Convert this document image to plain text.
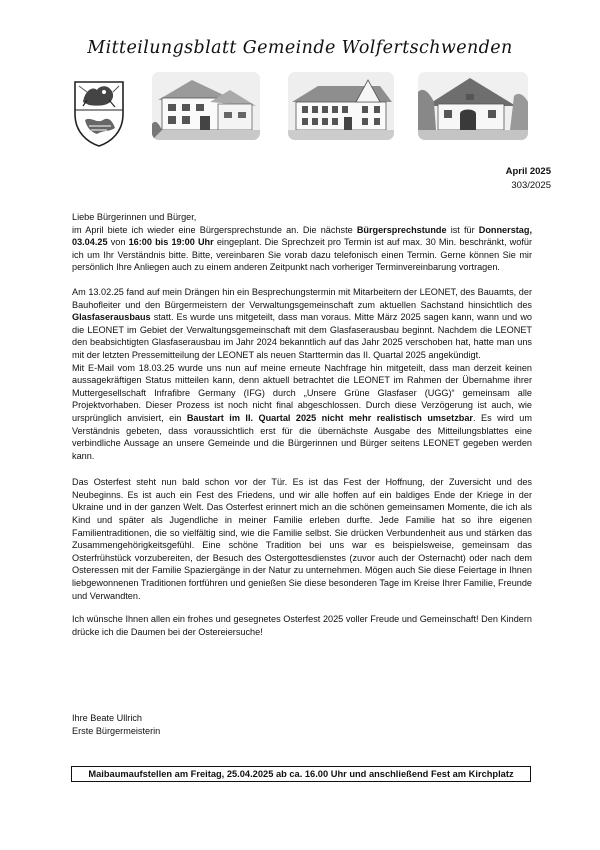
Mitteilungsblatt Gemeinde Wolfertschwenden
April 2025
303/2025
Liebe Bürgerinnen und Bürger,

im April biete ich wieder eine Bürgersprechstunde an. Die nächste Bürgersprechstunde ist für Donnerstag, 03.04.25 von 16:00 bis 19:00 Uhr eingeplant. Die Sprechzeit pro Termin ist auf max. 30 Min. beschränkt, wofür ich um Ihr Verständnis bitte. Bitte, vereinbaren Sie vorab dazu telefonisch einen Termin. Gerne können Sie mir persönlich Ihre Anliegen auch zu einem anderen Zeitpunkt nach vorheriger Terminvereinbarung vortragen.

Am 13.02.25 fand auf mein Drängen hin ein Besprechungstermin mit Mitarbeitern der LEONET, des Bauamts, der Bauhofleiter und den Bürgermeistern der Verwaltungsgemeinschaft zum aktuellen Sachstand hinsichtlich des Glasfaserausbaus statt. Es wurde uns mitgeteilt, dass man voraus. Mitte März 2025 sagen kann, wann und wo die LEONET im Gebiet der Verwaltungsgemeinschaft mit dem Glasfaserausbau beginnt. Nachdem die LEONET den beabsichtigten Glasfaserausbau im Jahr 2024 bekanntlich auf das Jahr 2025 verschoben hat, hatte man uns mit der letzten Pressemitteilung der LEONET als neuen Starttermin das II. Quartal 2025 angekündigt.
Mit E-Mail vom 18.03.25 wurde uns nun auf meine erneute Nachfrage hin mitgeteilt, dass man derzeit keinen aussagekräftigen Status mitteilen kann, denn aktuell betrachtet die LEONET im Rahmen der Übernahme ihrer Muttergesellschaft Infrafibre Germany (IFG) durch „Unsere Grüne Glasfaser (UGG)“ gemeinsam alle Projektvorhaben. Dieser Prozess ist noch nicht final abgeschlossen. Durch diese Verzögerung ist auch, wie ursprünglich anvisiert, ein Baustart im II. Quartal 2025 nicht mehr realistisch umsetzbar. Es wird um Verständnis gebeten, dass voraussichtlich erst für die übernächste Ausgabe des Mitteilungsblattes eine verbindliche Aussage an unsere Gemeinde und die Bürgerinnen und Bürger seitens LEONET gegeben werden kann.

Das Osterfest steht nun bald schon vor der Tür. Es ist das Fest der Hoffnung, der Zuversicht und des Neubeginns. Es ist auch ein Fest des Friedens, und wir alle hoffen auf ein baldiges Ende der Kriege in der Ukraine und in der ganzen Welt. Das Osterfest erinnert mich an die schönen gemeinsamen Momente, die ich als Kind und später als Jugendliche in meiner Familie erleben durfte. Jede Familie hat so ihre eigenen Familientraditionen, die so vielfältig sind, wie die Familie selbst. Sie drücken Verbundenheit aus und stärken das Zusammengehörigkeitsgefühl. Eine schöne Tradition bei uns war es beispielsweise, gemeinsam das Osterfrühstück vorzubereiten, der Besuch des Ostergottesdienstes (zuvor auch der Osternacht) oder nach dem Osteressen mit der Familie Spaziergänge in der Natur zu unternehmen. Mögen auch Sie diese Feiertage in Ihnen liebgewonnenen Traditionen fortführen und genießen Sie diese besonderen Tage im Kreise Ihrer Familie, Freunde und Verwandten.

Ich wünsche Ihnen allen ein frohes und gesegnetes Osterfest 2025 voller Freude und Gemeinschaft! Den Kindern drücke ich die Daumen bei der Ostereiersuche!

Ihre Beate Ullrich
Erste Bürgermeisterin
Maibaumaufstellen am Freitag, 25.04.2025 ab ca. 16.00 Uhr und anschließend Fest am Kirchplatz
